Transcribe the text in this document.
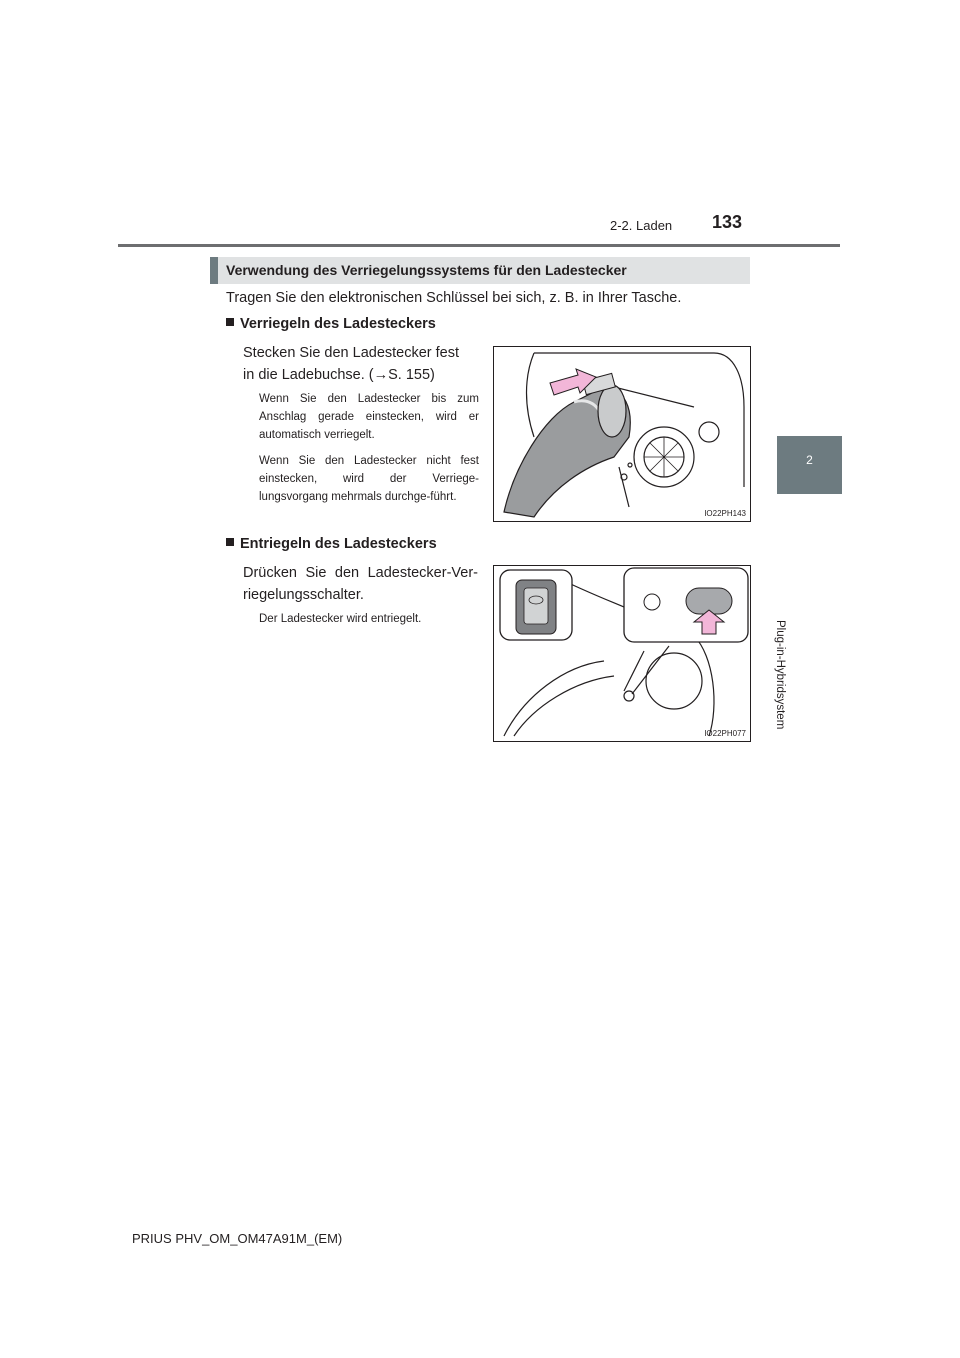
2-2. Laden 133
2
Plug-in-Hybridsystem
Verwendung des Verriegelungssystems für den Ladestecker
Tragen Sie den elektronischen Schlüssel bei sich, z. B. in Ihrer Tasche.
Verriegeln des Ladesteckers
Stecken Sie den Ladestecker fest
in die Ladebuchse. (→S. 155)
Wenn Sie den Ladestecker bis zum Anschlag gerade einstecken, wird er automatisch verriegelt.
Wenn Sie den Ladestecker nicht fest einstecken, wird der Verriege-lungsvorgang mehrmals durchge-führt.
IO22PH143
Entriegeln des Ladesteckers
Drücken Sie den Ladestecker-Ver-riegelungsschalter.
Der Ladestecker wird entriegelt.
IO22PH077
PRIUS PHV_OM_OM47A91M_(EM)
